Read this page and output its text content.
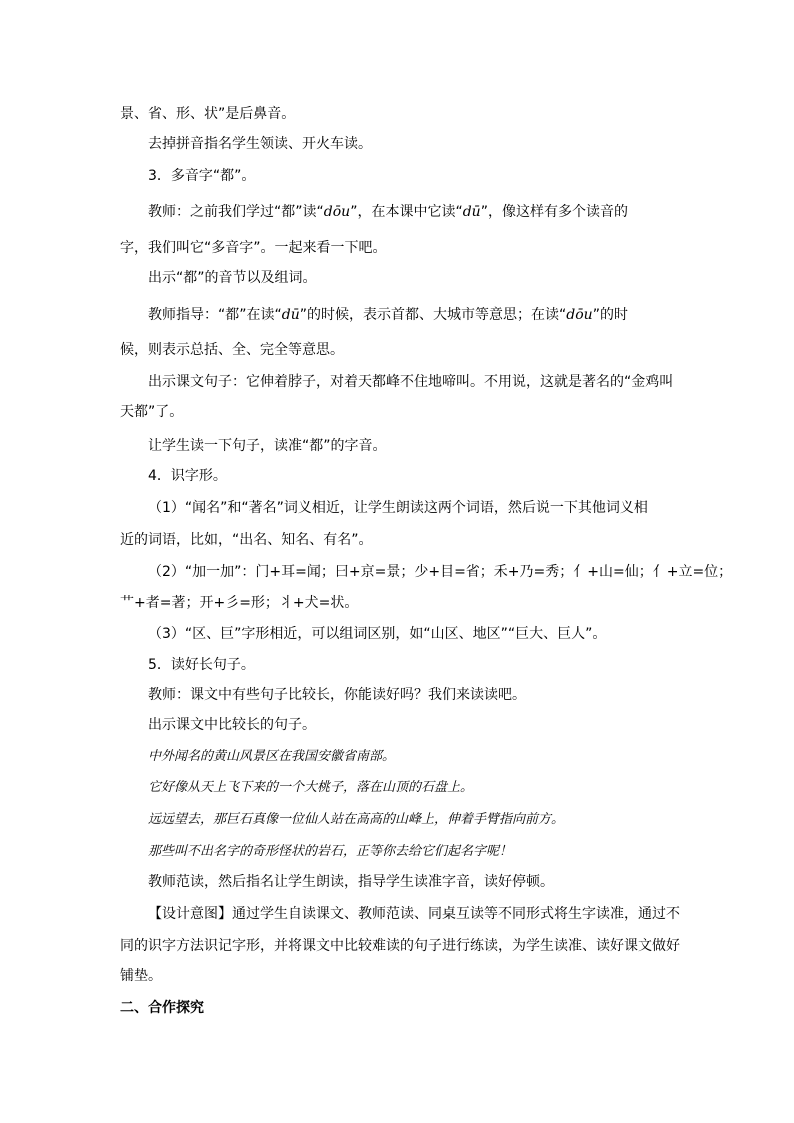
景、省、形、状”是后鼻音。
去掉拼音指名学生领读、开火车读。
3．多音字“都”。
教师：之前我们学过“都”读“dōu”，在本课中它读“dū”，像这样有多个读音的
字，我们叫它“多音字”。一起来看一下吧。
出示“都”的音节以及组词。
教师指导：“都”在读“dū”的时候，表示首都、大城市等意思；在读“dōu”的时
候，则表示总括、全、完全等意思。
出示课文句子：它伸着脖子，对着天都峰不住地啼叫。不用说，这就是著名的“金鸡叫
天都”了。
让学生读一下句子，读准“都”的字音。
4．识字形。
（1）“闻名”和“著名”词义相近，让学生朗读这两个词语，然后说一下其他词义相
近的词语，比如，“出名、知名、有名”。
（2）“加一加”：门+耳=闻；曰+京=景；少+目=省；禾+乃=秀；亻+山=仙；亻+立=位；
艹+者=著；开+彡=形；丬+犬=状。
（3）“区、巨”字形相近，可以组词区别，如“山区、地区”“巨大、巨人”。
5．读好长句子。
教师：课文中有些句子比较长，你能读好吗？我们来读读吧。
出示课文中比较长的句子。
中外闻名的黄山风景区在我国安徽省南部。
它好像从天上飞下来的一个大桃子，落在山顶的石盘上。
远远望去，那巨石真像一位仙人站在高高的山峰上，伸着手臂指向前方。
那些叫不出名字的奇形怪状的岩石，正等你去给它们起名字呢！
教师范读，然后指名让学生朗读，指导学生读准字音，读好停顿。
【设计意图】通过学生自读课文、教师范读、同桌互读等不同形式将生字读准，通过不
同的识字方法识记字形，并将课文中比较难读的句子进行练读，为学生读准、读好课文做好
铺垫。
二、合作探究
